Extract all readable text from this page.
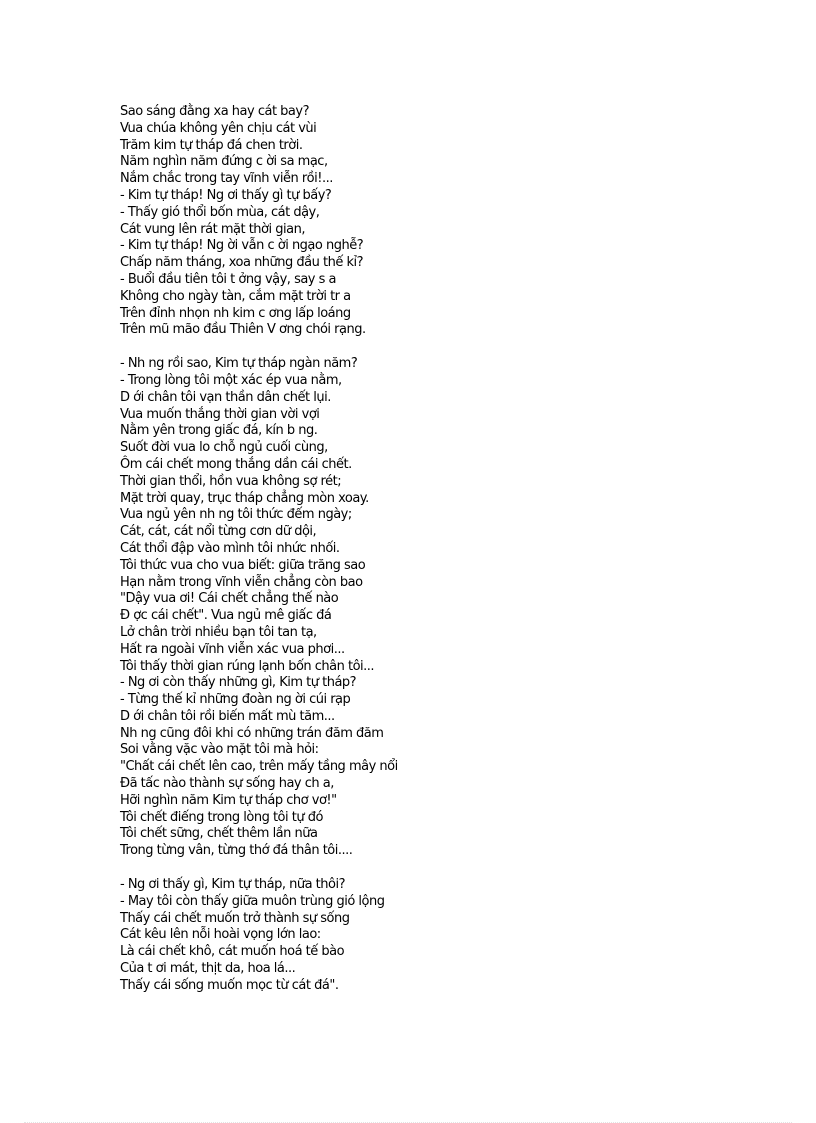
Sao sáng đằng xa hay cát bay?
Vua chúa không yên chịu cát vùi
Trăm kim tự tháp đá chen trời.
Năm nghìn năm đứng c ời sa mạc,
Nắm chắc trong tay vĩnh viễn rồi!...
- Kim tự tháp! Ng ơi thấy gì tự bấy?
- Thấy gió thổi bốn mùa, cát dậy,
Cát vung lên rát mặt thời gian,
- Kim tự tháp! Ng ời vẫn c ời ngạo nghễ?
Chấp năm tháng, xoa những đầu thế kỉ?
- Buổi đầu tiên tôi t ởng vậy, say s a
Không cho ngày tàn, cắm mặt trời tr a
Trên đỉnh nhọn nh kim c ơng lấp loáng
Trên mũ mão đầu Thiên V ơng chói rạng.
- Nh ng rồi sao, Kim tự tháp ngàn năm?
- Trong lòng tôi một xác ép vua nằm,
D ới chân tôi vạn thần dân chết lụi.
Vua muốn thắng thời gian vời vợi
Nằm yên trong giấc đá, kín b ng.
Suốt đời vua lo chỗ ngủ cuối cùng,
Ôm cái chết mong thắng dần cái chết.
Thời gian thổi, hồn vua không sợ rét;
Mặt trời quay, trục tháp chẳng mòn xoay.
Vua ngủ yên nh ng tôi thức đếm ngày;
Cát, cát, cát nổi từng cơn dữ dội,
Cát thổi đập vào mình tôi nhức nhối.
Tôi thức vua cho vua biết: giữa trăng sao
Hạn nằm trong vĩnh viễn chẳng còn bao
"Dậy vua ơi! Cái chết chẳng thế nào
Đ ợc cái chết". Vua ngủ mê giấc đá
Lở chân trời nhiều bạn tôi tan tạ,
Hất ra ngoài vĩnh viễn xác vua phơi...
Tôi thấy thời gian rúng lạnh bốn chân tôi...
- Ng ơi còn thấy những gì, Kim tự tháp?
- Từng thế kỉ những đoàn ng ời cúi rạp
D ới chân tôi rồi biến mất mù tăm...
Nh ng cũng đôi khi có những trán đăm đăm
Soi vằng vặc vào mặt tôi mà hỏi:
"Chất cái chết lên cao, trên mấy tầng mây nổi
Đã tấc nào thành sự sống hay ch a,
Hỡi nghìn năm Kim tự tháp chơ vơ!"
Tôi chết điếng trong lòng tôi tự đó
Tôi chết sững, chết thêm lần nữa
Trong từng vân, từng thớ đá thân tôi....
- Ng ơi thấy gì, Kim tự tháp, nữa thôi?
- May tôi còn thấy giữa muôn trùng gió lộng
Thấy cái chết muốn trở thành sự sống
Cát kêu lên nỗi hoài vọng lớn lao:
Là cái chết khô, cát muốn hoá tế bào
Của t ơi mát, thịt da, hoa lá...
Thấy cái sống muốn mọc từ cát đá".
